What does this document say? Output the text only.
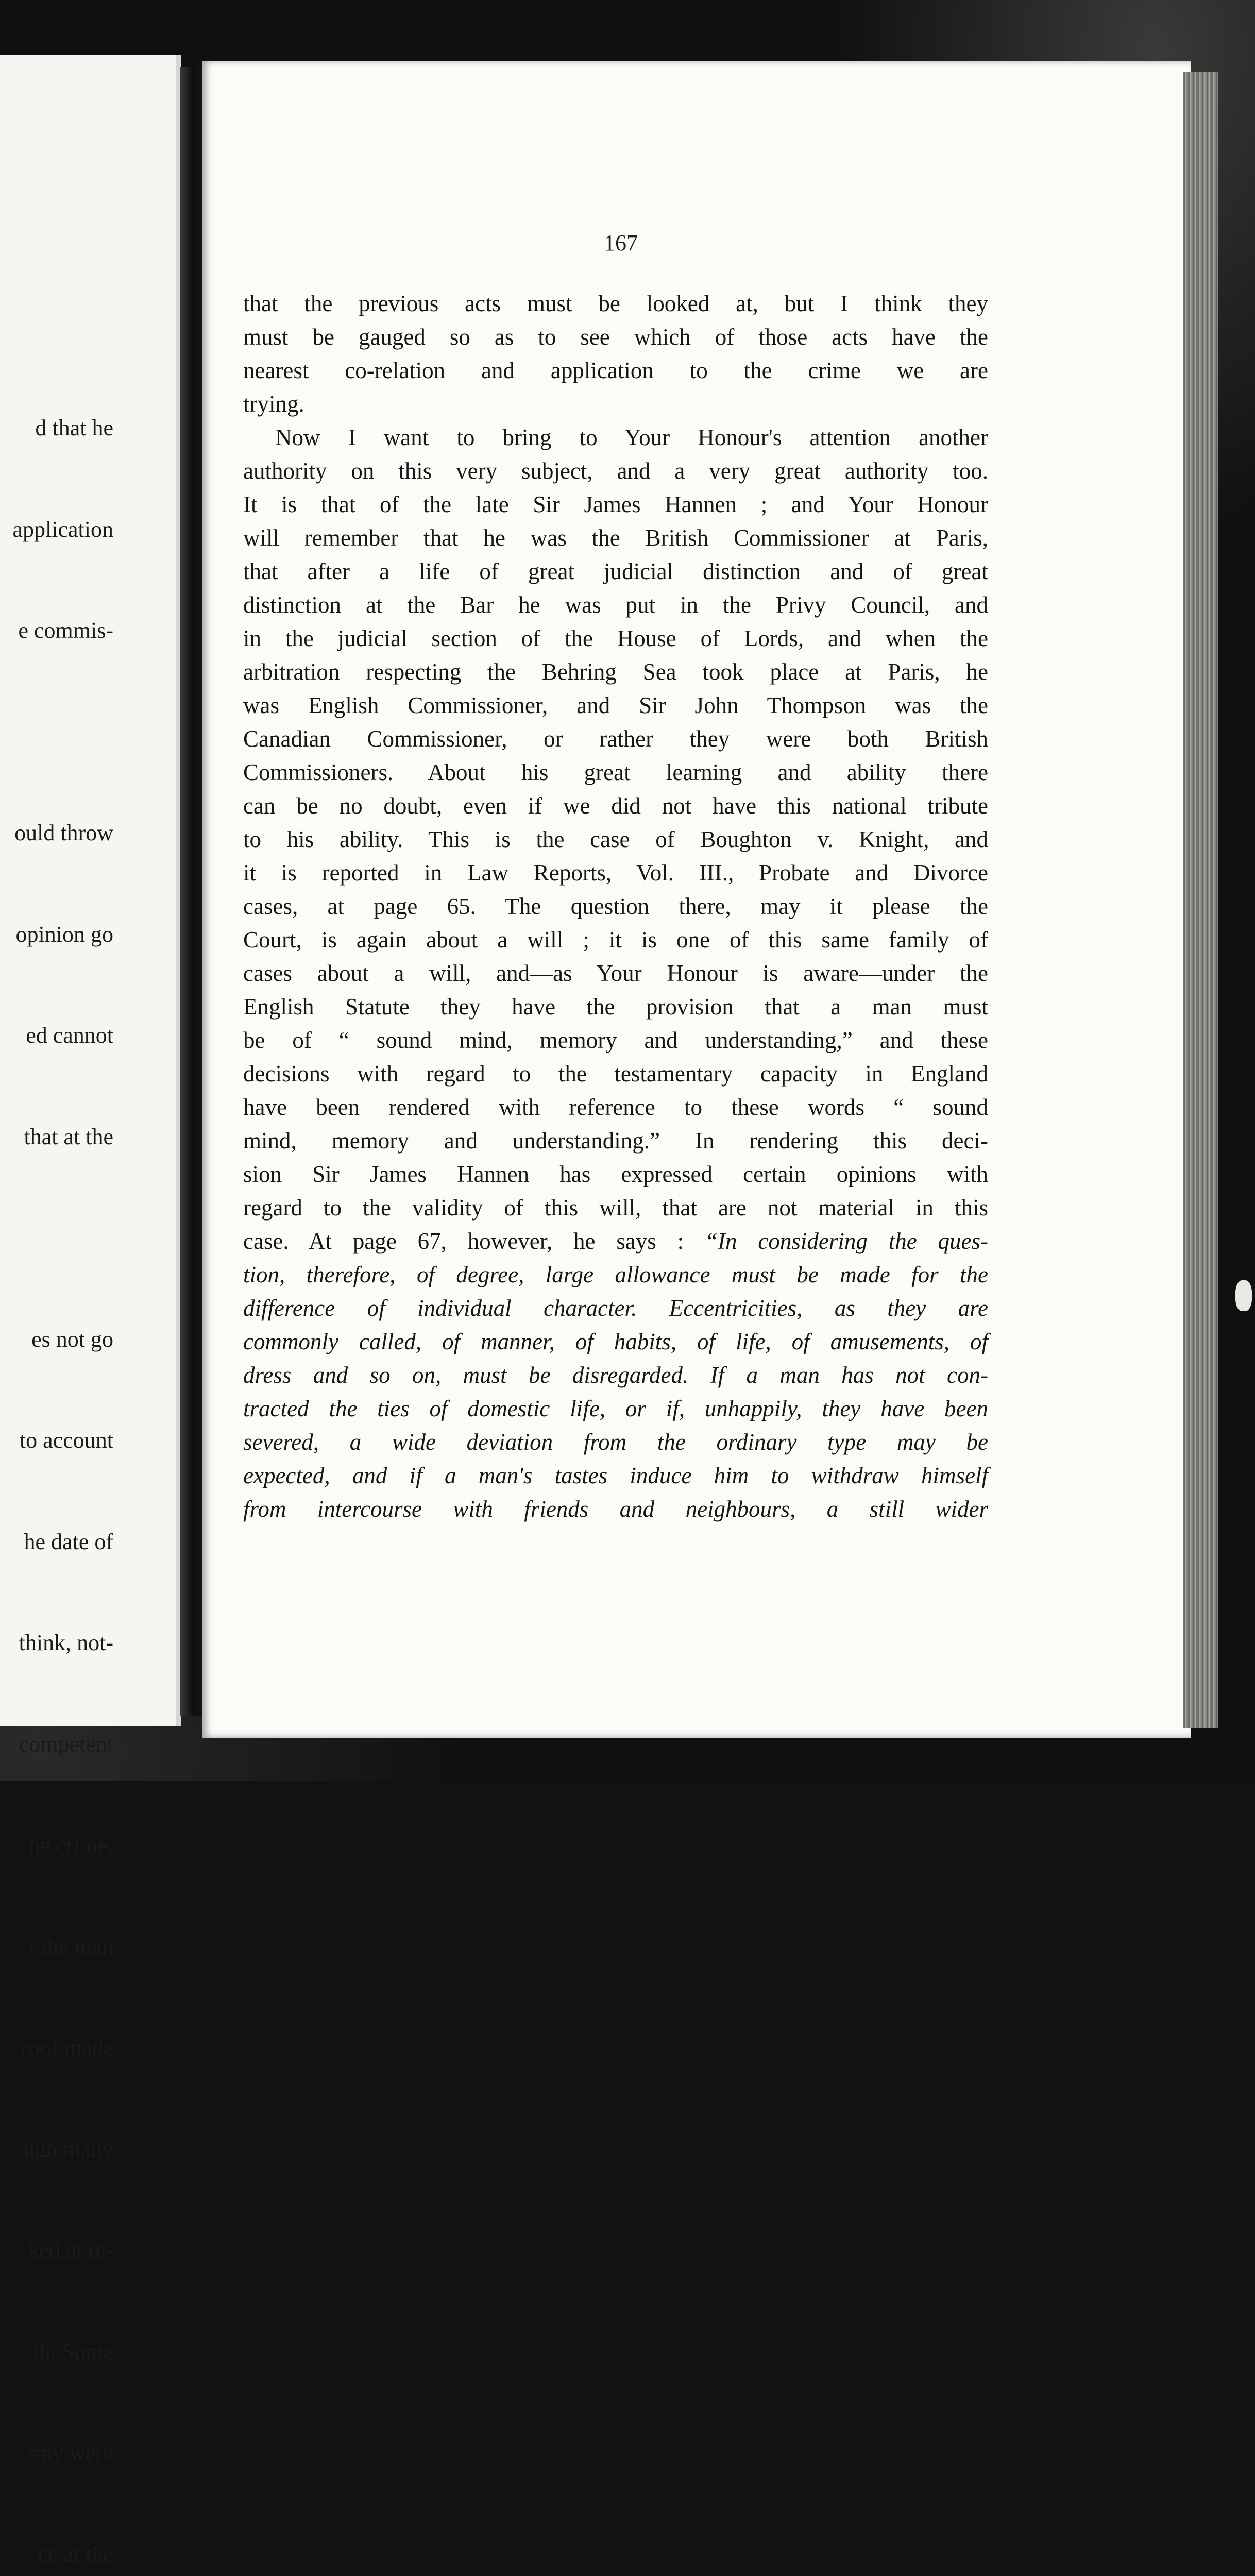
d that he

application

e commis-

ould throw

opinion go

ed cannot

that at the

es not go

to account

he date of

think, not-

competent

he crime,

t the man

roof made

ugh many

ked at re-

th. Some

rmy were

ce at the

167
that the previous acts must be looked at, but I think they
must be gauged so as to see which of those acts have the
nearest co-relation and application to the crime we are
trying.
Now I want to bring to Your Honour's attention another
authority on this very subject, and a very great authority too.
It is that of the late Sir James Hannen ; and Your Honour
will remember that he was the British Commissioner at Paris,
that after a life of great judicial distinction and of great
distinction at the Bar he was put in the Privy Council, and
in the judicial section of the House of Lords, and when the
arbitration respecting the Behring Sea took place at Paris, he
was English Commissioner, and Sir John Thompson was the
Canadian Commissioner, or rather they were both British
Commissioners. About his great learning and ability there
can be no doubt, even if we did not have this national tribute
to his ability. This is the case of Boughton v. Knight, and
it is reported in Law Reports, Vol. III., Probate and Divorce
cases, at page 65. The question there, may it please the
Court, is again about a will ; it is one of this same family of
cases about a will, and—as Your Honour is aware—under the
English Statute they have the provision that a man must
be of “ sound mind, memory and understanding,” and these
decisions with regard to the testamentary capacity in England
have been rendered with reference to these words “ sound
mind, memory and understanding.” In rendering this deci-
sion Sir James Hannen has expressed certain opinions with
regard to the validity of this will, that are not material in this
case. At page 67, however, he says : “In considering the ques-
tion, therefore, of degree, large allowance must be made for the
difference of individual character. Eccentricities, as they are
commonly called, of manner, of habits, of life, of amusements, of
dress and so on, must be disregarded. If a man has not con-
tracted the ties of domestic life, or if, unhappily, they have been
severed, a wide deviation from the ordinary type may be
expected, and if a man's tastes induce him to withdraw himself
from intercourse with friends and neighbours, a still wider
